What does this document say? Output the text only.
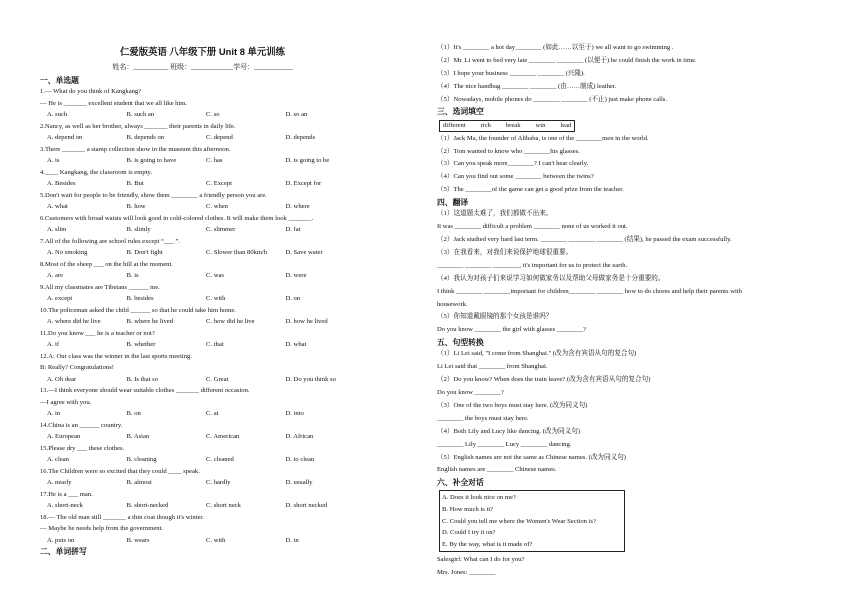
仁爱版英语 八年级下册 Unit 8 单元训练
姓名：__________ 班级：____________学号：___________
一、单选题
1.— What do you think of Kangkang?
— He is _______ excellent student that we all like him.
A. such	B. such an	C. so	D. so an
2.Nancy, as well as her brother, always _______ their parents in daily life.
A. depend on	B. depends on	C. depend	D. depends
3.There _______ a stamp collection show in the museum this afternoon.
A. is	B. is going to have	C. has	D. is going to be
4.____ Kangkang, the classroom is empty.
A. Besides	B. But	C. Except	D. Except for
5.Don't wait for people to be friendly, show them ________ a friendly person you are.
A. what	B. how	C. when	D. where
6.Customers with broad waists will look good in cold-colored clothes. It will make them look _______.
A. slim	B. slimly	C. slimmer	D. fat
7.All of the following are school rules except “___ ”.
A. No smoking	B. Don't fight	C. Slower than 80km/h	D. Save water
8.Most of the sheep ___ on the hill at the moment.
A. are	B. is	C. was	D. were
9.All my classmates are Tibetans ______ me.
A. except	B. besides	C. with	D. on
10.The policeman asked the child ______ so that he could take him home.
A. where did he live	B. where he lived	C. how did he live	D. how he lived
11.Do you know ___ he is a teacher or not?
A. if	B. whether	C. that	D. what
12.A: Our class was the winner in the last sports meeting.
B: Really? Congratulations!
A. Oh dear	B. Is that so	C. Great	D. Do you think so
13.—I think everyone should wear suitable clothes _______ different occasion.
—I agree with you.
A. in	B. on	C. at	D. into
14.China is an ______ country.
A. European	B. Asian	C. American	D. African
15.Please dry ___ these clothes.
A. clean	B. cleaning	C. cleaned	D. to clean
16.The Children were so excited that they could ____ speak.
A. nearly	B. almost	C. hardly	D. usually
17.He is a ___ man.
A. short-neck	B. short-necked	C. short neck	D. short necked
18.— The old man still _______ a thin coat though it's winter.
— Maybe he needs help from the government.
A. puts on	B. wears	C. with	D. in
二、单词拼写
（1）It's ________ a hot day________ (如此……以至于) we all want to go swimming .
（2）Mr. Li went to bed very late ________ ________ (以便于) he could finish the work in time.
（3）I hope your business ________ ________ (兴隆).
（4）The nice handbag ________ ________ (由……制成) leather.
（5）Nowadays, mobile phones do ________ ________ (不止) just make phone calls.
三、选词填空
different rich break win lead
（1）Jack Ma, the founder of Alibaba, is one of the ________men in the world.
（2）Tom wanted to know who ________his glasses.
（3）Can you speak more________? I can't hear clearly.
（4）Can you find out some ________ between the twins?
（5）The ________of the game can get a good prize from the teacher.
四、翻译
（1）这道题太难了，我们都做不出来。
It was ________ difficult a problem ________ none of us worked it out.
（2）Jack studied very hard last term. ________ ________ ________ (结果), he passed the exam successfully.
（3）在我看来，对我们来说保护地球很重要。
________ ________ ________, it's important for us to protect the earth.
（4）我认为对孩子们来说学习如何做家务以及帮助父母做家务是十分重要的。
I think ________ ________important for children________ ________ how to do chores and help their parents with
housework.
（5）你知道戴眼镜的那个女孩是谁吗？
Do you know ________ the girl with glasses ________?
五、句型转换
（1）Li Lei said, "I come from Shanghai." (改为含有宾语从句的复合句)
Li Lei said that ________ from Shanghai.
（2）Do you know? When does the train leave? (改为含有宾语从句的复合句)
Do you know ________?
（3）One of the two boys must stay here. (改为同义句)
________ the boys must stay here.
（4）Both Lily and Lucy like dancing. (改为同义句)
________ Lily ________ Lucy ________ dancing.
（5）English names are not the same as Chinese names. (改为同义句)
English names are ________ Chinese names.
六、补全对话
A. Does it look nice on me?
B. How much is it?
C. Could you tell me where the Women's Wear Section is?
D. Could I try it on?
E. By the way, what is it made of?
Salesgirl: What can I do for you?
Mrs. Jones: ________
